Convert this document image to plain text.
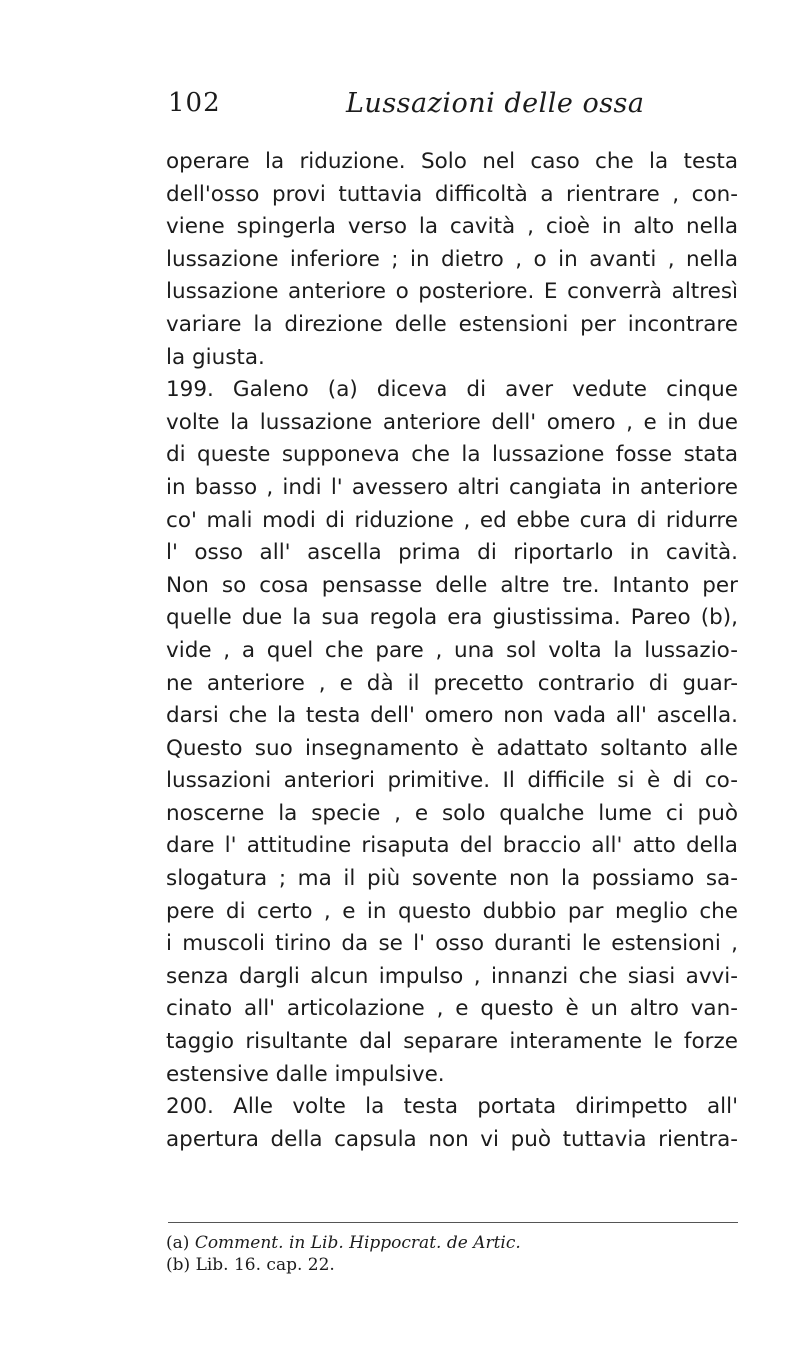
102	Lussazioni delle ossa
operare la riduzione. Solo nel caso che la testa
dell'osso provi tuttavia difficoltà a rientrare , con-
viene spingerla verso la cavità , cioè in alto nella
lussazione inferiore ; in dietro , o in avanti , nella
lussazione anteriore o posteriore. E converrà altresì
variare la direzione delle estensioni per incontrare
la giusta.
199. Galeno (a) diceva di aver vedute cinque
volte la lussazione anteriore dell' omero , e in due
di queste supponeva che la lussazione fosse stata
in basso , indi l' avessero altri cangiata in anteriore
co' mali modi di riduzione , ed ebbe cura di ridurre
l' osso all' ascella prima di riportarlo in cavità.
Non so cosa pensasse delle altre tre. Intanto per
quelle due la sua regola era giustissima. Pareo (b),
vide , a quel che pare , una sol volta la lussazio-
ne anteriore , e dà il precetto contrario di guar-
darsi che la testa dell' omero non vada all' ascella.
Questo suo insegnamento è adattato soltanto alle
lussazioni anteriori primitive. Il difficile si è di co-
noscerne la specie , e solo qualche lume ci può
dare l' attitudine risaputa del braccio all' atto della
slogatura ; ma il più sovente non la possiamo sa-
pere di certo , e in questo dubbio par meglio che
i muscoli tirino da se l' osso duranti le estensioni ,
senza dargli alcun impulso , innanzi che siasi avvi-
cinato all' articolazione , e questo è un altro van-
taggio risultante dal separare interamente le forze
estensive dalle impulsive.
200. Alle volte la testa portata dirimpetto all'
apertura della capsula non vi può tuttavia rientra-
(a) Comment. in Lib. Hippocrat. de Artic.
(b) Lib. 16. cap. 22.
